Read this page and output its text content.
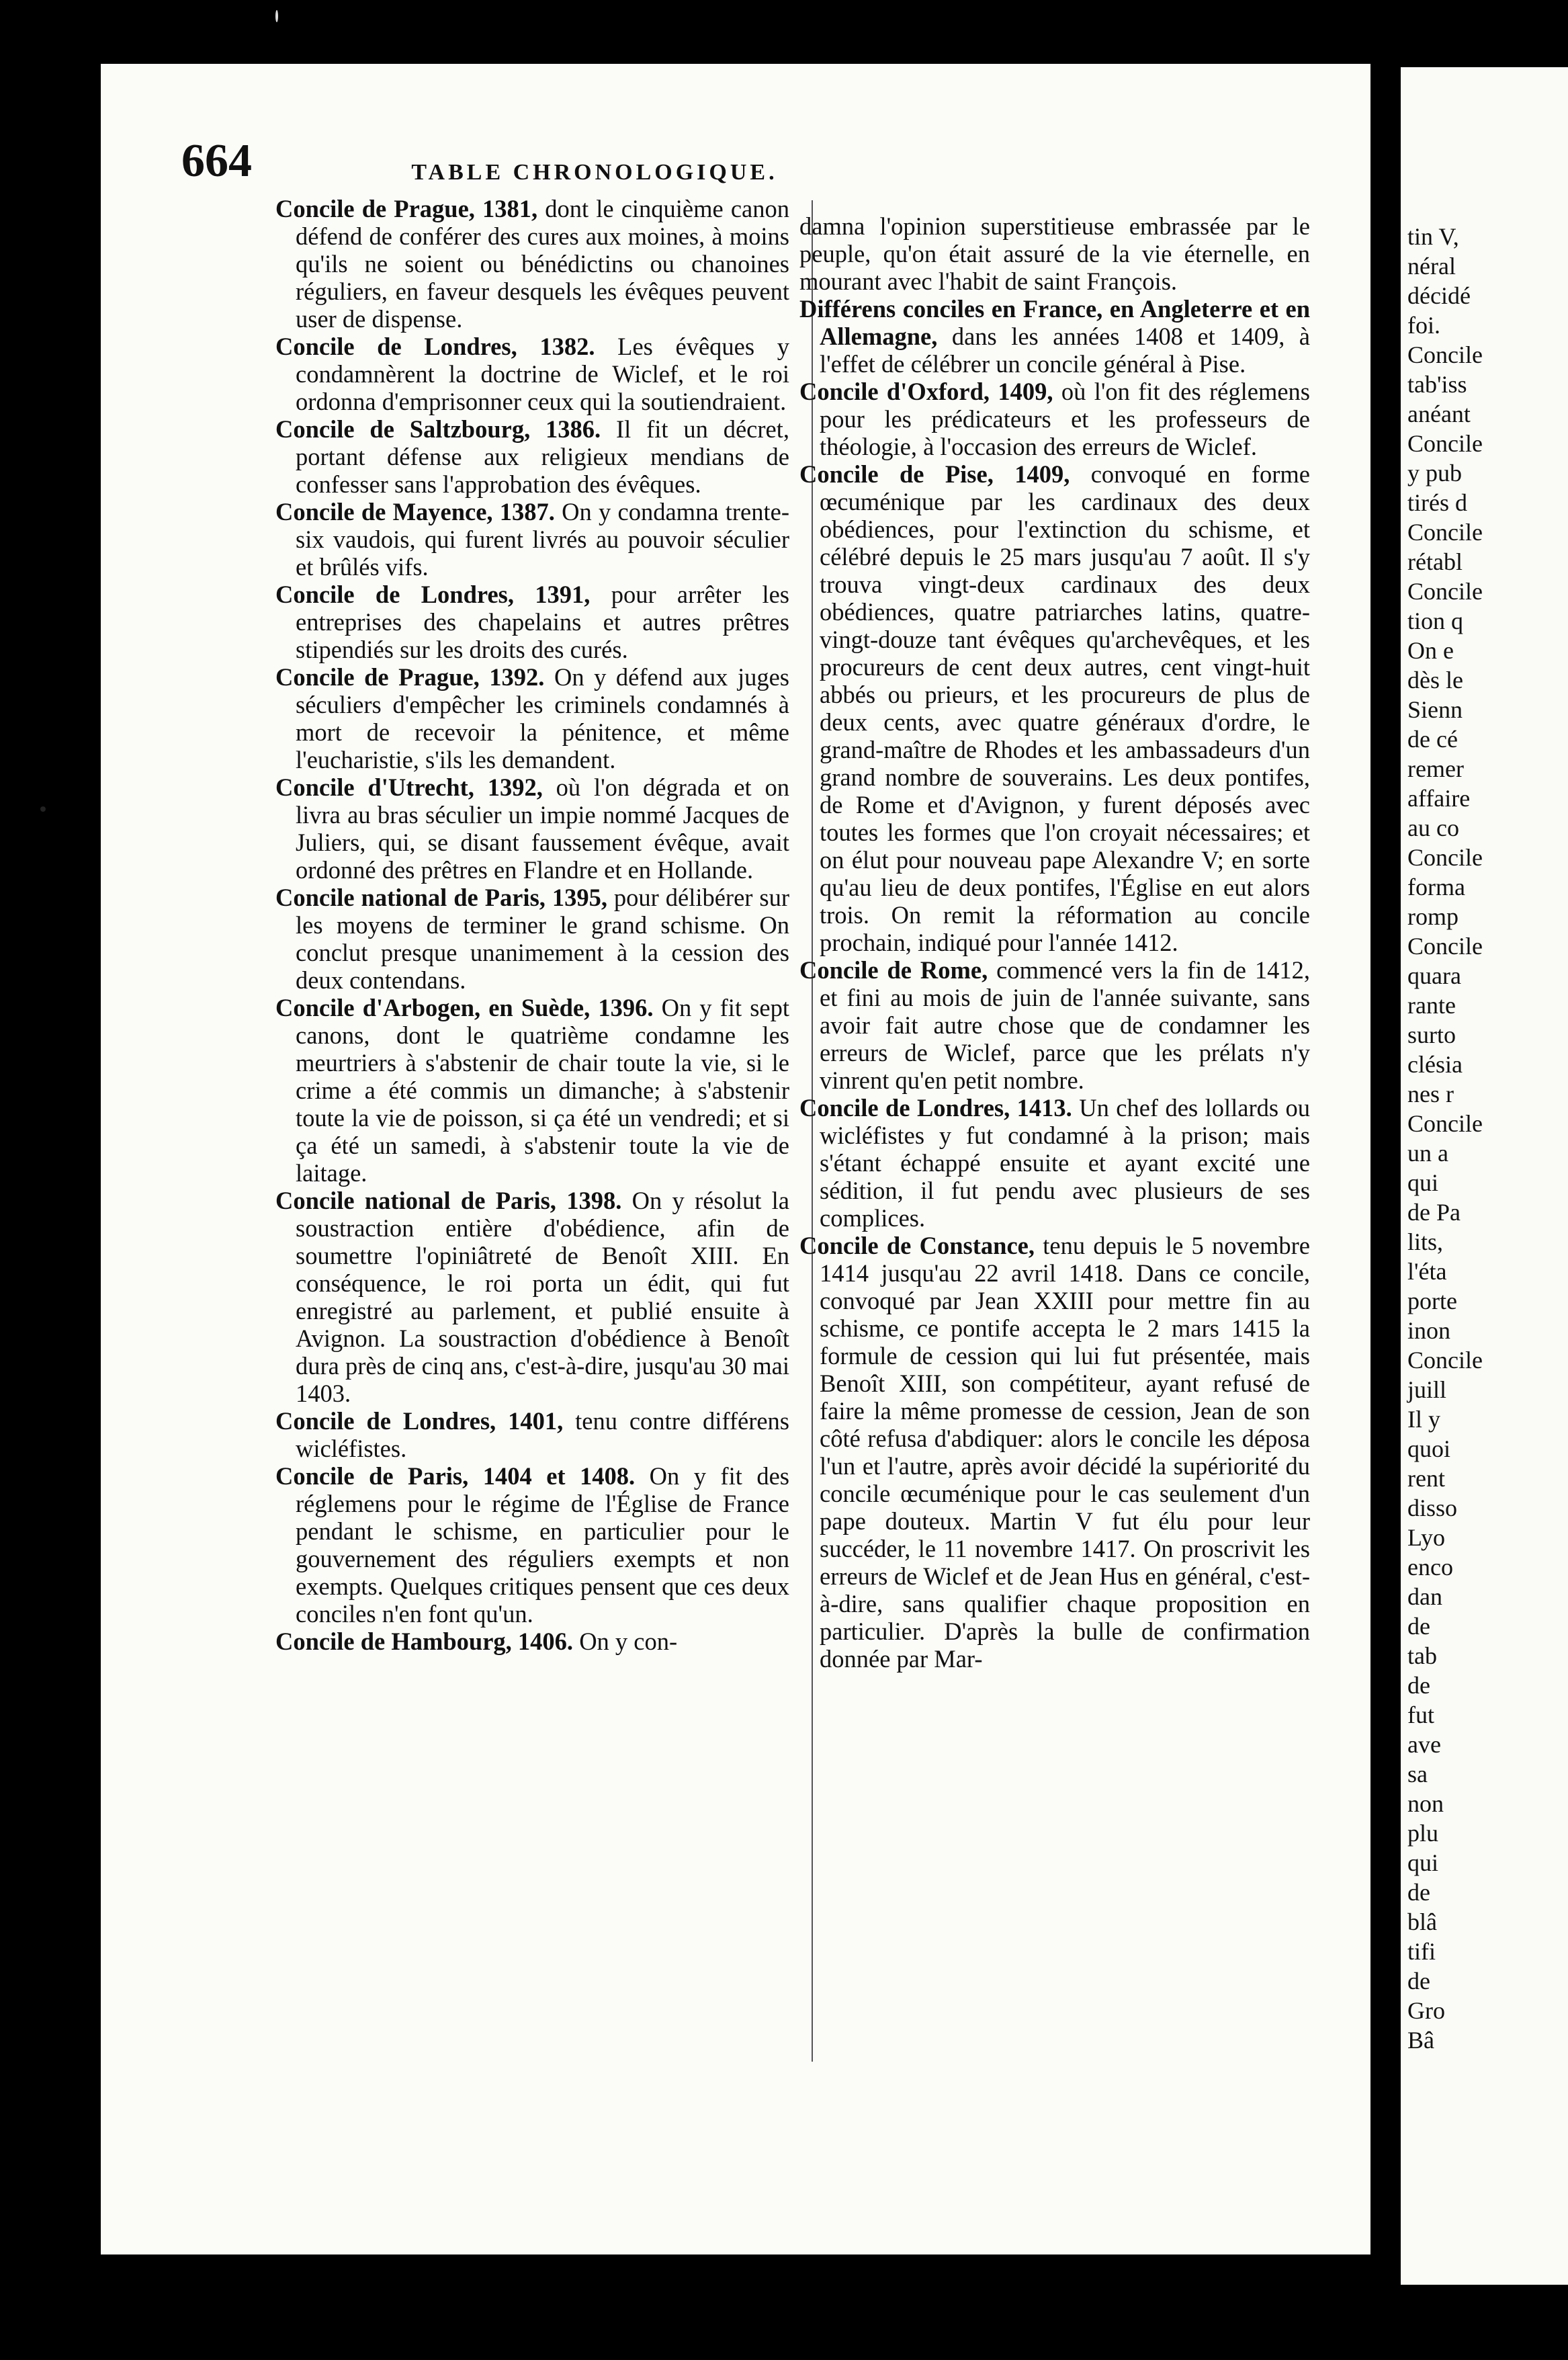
tin V,
néral
décidé
foi.
Concile
tab'iss
anéant
Concile
y pub
tirés d
Concile
rétabl
Concile
tion q
On e
dès le
Sienn
de cé
remer
affaire
au co
Concile
forma
romp
Concile
quara
rante
surto
clésia
nes r
Concile
un a
qui
de Pa
lits,
l'éta
porte
inon
Concile
juill
Il y
quoi
rent
disso
Lyo
enco
dan
de
tab
de
fut
ave
sa
non
plu
qui
de
blâ
tifi
de
Gro
Bâ
664	TABLE CHRONOLOGIQUE.

Concile de Prague, 1381, dont le cinquième canon défend de conférer des cures aux moines, à moins qu'ils ne soient ou bénédictins ou chanoines réguliers, en faveur desquels les évêques peuvent user de dispense.

Concile de Londres, 1382. Les évêques y condamnèrent la doctrine de Wiclef, et le roi ordonna d'emprisonner ceux qui la soutiendraient.

Concile de Saltzbourg, 1386. Il fit un décret, portant défense aux religieux mendians de confesser sans l'approbation des évêques.

Concile de Mayence, 1387. On y condamna trente-six vaudois, qui furent livrés au pouvoir séculier et brûlés vifs.

Concile de Londres, 1391, pour arrêter les entreprises des chapelains et autres prêtres stipendiés sur les droits des curés.

Concile de Prague, 1392. On y défend aux juges séculiers d'empêcher les criminels condamnés à mort de recevoir la pénitence, et même l'eucharistie, s'ils les demandent.

Concile d'Utrecht, 1392, où l'on dégrada et on livra au bras séculier un impie nommé Jacques de Juliers, qui, se disant faussement évêque, avait ordonné des prêtres en Flandre et en Hollande.

Concile national de Paris, 1395, pour délibérer sur les moyens de terminer le grand schisme. On conclut presque unanimement à la cession des deux contendans.

Concile d'Arbogen, en Suède, 1396. On y fit sept canons, dont le quatrième condamne les meurtriers à s'abstenir de chair toute la vie, si le crime a été commis un dimanche; à s'abstenir toute la vie de poisson, si ça été un vendredi; et si ça été un samedi, à s'abstenir toute la vie de laitage.

Concile national de Paris, 1398. On y résolut la soustraction entière d'obédience, afin de soumettre l'opiniâtreté de Benoît XIII. En conséquence, le roi porta un édit, qui fut enregistré au parlement, et publié ensuite à Avignon. La soustraction d'obédience à Benoît dura près de cinq ans, c'est-à-dire, jusqu'au 30 mai 1403.

Concile de Londres, 1401, tenu contre différens wicléfistes.

Concile de Paris, 1404 et 1408. On y fit des réglemens pour le régime de l'Église de France pendant le schisme, en particulier pour le gouvernement des réguliers exempts et non exempts. Quelques critiques pensent que ces deux conciles n'en font qu'un.

Concile de Hambourg, 1406. On y con-

damna l'opinion superstitieuse embrassée par le peuple, qu'on était assuré de la vie éternelle, en mourant avec l'habit de saint François.

Différens conciles en France, en Angleterre et en Allemagne, dans les années 1408 et 1409, à l'effet de célébrer un concile général à Pise.

Concile d'Oxford, 1409, où l'on fit des réglemens pour les prédicateurs et les professeurs de théologie, à l'occasion des erreurs de Wiclef.

Concile de Pise, 1409, convoqué en forme œcuménique par les cardinaux des deux obédiences, pour l'extinction du schisme, et célébré depuis le 25 mars jusqu'au 7 août. Il s'y trouva vingt-deux cardinaux des deux obédiences, quatre patriarches latins, quatre-vingt-douze tant évêques qu'archevêques, et les procureurs de cent deux autres, cent vingt-huit abbés ou prieurs, et les procureurs de plus de deux cents, avec quatre généraux d'ordre, le grand-maître de Rhodes et les ambassadeurs d'un grand nombre de souverains. Les deux pontifes, de Rome et d'Avignon, y furent déposés avec toutes les formes que l'on croyait nécessaires; et on élut pour nouveau pape Alexandre V; en sorte qu'au lieu de deux pontifes, l'Église en eut alors trois. On remit la réformation au concile prochain, indiqué pour l'année 1412.

Concile de Rome, commencé vers la fin de 1412, et fini au mois de juin de l'année suivante, sans avoir fait autre chose que de condamner les erreurs de Wiclef, parce que les prélats n'y vinrent qu'en petit nombre.

Concile de Londres, 1413. Un chef des lollards ou wicléfistes y fut condamné à la prison; mais s'étant échappé ensuite et ayant excité une sédition, il fut pendu avec plusieurs de ses complices.

Concile de Constance, tenu depuis le 5 novembre 1414 jusqu'au 22 avril 1418. Dans ce concile, convoqué par Jean XXIII pour mettre fin au schisme, ce pontife accepta le 2 mars 1415 la formule de cession qui lui fut présentée, mais Benoît XIII, son compétiteur, ayant refusé de faire la même promesse de cession, Jean de son côté refusa d'abdiquer: alors le concile les déposa l'un et l'autre, après avoir décidé la supériorité du concile œcuménique pour le cas seulement d'un pape douteux. Martin V fut élu pour leur succéder, le 11 novembre 1417. On proscrivit les erreurs de Wiclef et de Jean Hus en général, c'est-à-dire, sans qualifier chaque proposition en particulier. D'après la bulle de confirmation donnée par Mar-
